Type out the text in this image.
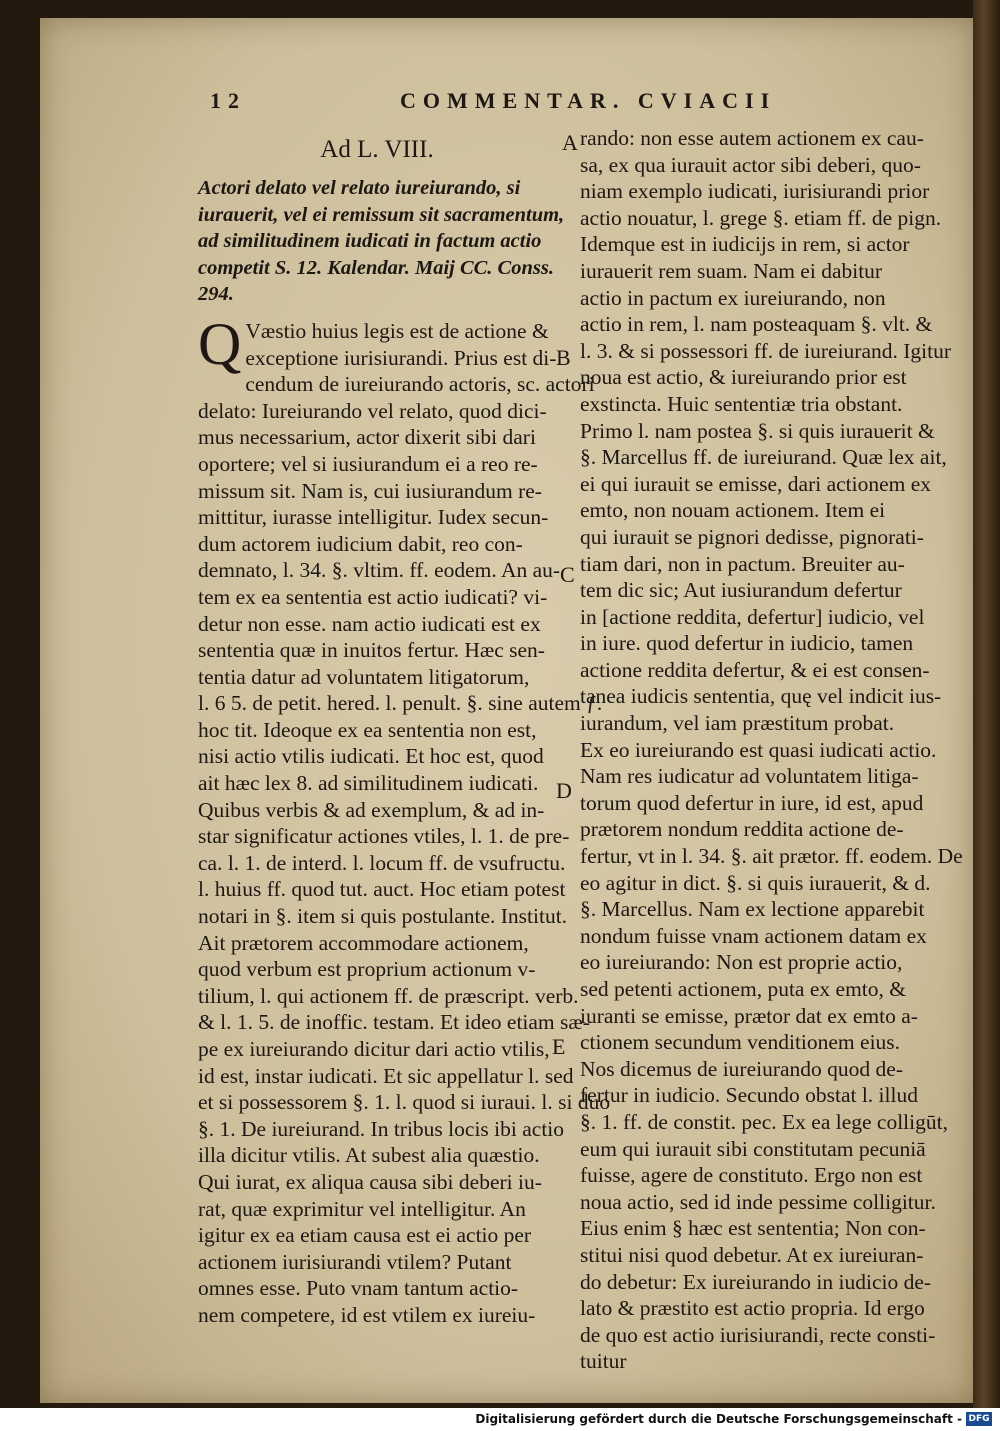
12	COMMENTAR. CVIACII
A
B
C
D
E
Ad L. VIII.
Actori delato vel relato iureiurando, si
iurauerit, vel ei remissum sit sacramentum,
ad similitudinem iudicati in factum actio
competit S. 12. Kalendar. Maij CC. Conss.
294.
Q Væstio huius legis est de actione &
exceptione iurisiurandi. Prius est di-
cendum de iureiurando actoris, sc. actori
delato: Iureiurando vel relato, quod dici-
mus necessarium, actor dixerit sibi dari
oportere; vel si iusiurandum ei a reo re-
missum sit. Nam is, cui iusiurandum re-
mittitur, iurasse intelligitur. Iudex secun-
dum actorem iudicium dabit, reo con-
demnato, l. 34. §. vltim. ff. eodem. An au-
tem ex ea sententia est actio iudicati? vi-
detur non esse. nam actio iudicati est ex
sententia quæ in inuitos fertur. Hæc sen-
tentia datur ad voluntatem litigatorum,
l. 6 5. de petit. hered. l. penult. §. sine autem ƒ.
hoc tit. Ideoque ex ea sententia non est,
nisi actio vtilis iudicati. Et hoc est, quod
ait hæc lex 8. ad similitudinem iudicati.
Quibus verbis & ad exemplum, & ad in-
star significatur actiones vtiles, l. 1. de pre-
ca. l. 1. de interd. l. locum ff. de vsufructu.
l. huius ff. quod tut. auct. Hoc etiam potest
notari in §. item si quis postulante. Institut.
Ait prætorem accommodare actionem,
quod verbum est proprium actionum v-
tilium, l. qui actionem ff. de præscript. verb.
& l. 1. 5. de inoffic. testam. Et ideo etiam sæ-
pe ex iureiurando dicitur dari actio vtilis,
id est, instar iudicati. Et sic appellatur l. sed
et si possessorem §. 1. l. quod si iuraui. l. si duo
§. 1. De iureiurand. In tribus locis ibi actio
illa dicitur vtilis. At subest alia quæstio.
Qui iurat, ex aliqua causa sibi deberi iu-
rat, quæ exprimitur vel intelligitur. An
igitur ex ea etiam causa est ei actio per
actionem iurisiurandi vtilem? Putant
omnes esse. Puto vnam tantum actio-
nem competere, id est vtilem ex iureiu-
rando: non esse autem actionem ex cau-
sa, ex qua iurauit actor sibi deberi, quo-
niam exemplo iudicati, iurisiurandi prior
actio nouatur, l. grege §. etiam ff. de pign.
Idemque est in iudicijs in rem, si actor
iurauerit rem suam. Nam ei dabitur
actio in pactum ex iureiurando, non
actio in rem, l. nam posteaquam §. vlt. &
l. 3. & si possessori ff. de iureiurand. Igitur
noua est actio, & iureiurando prior est
exstincta. Huic sententiæ tria obstant.
Primo l. nam postea §. si quis iurauerit &
§. Marcellus ff. de iureiurand. Quæ lex ait,
ei qui iurauit se emisse, dari actionem ex
emto, non nouam actionem. Item ei
qui iurauit se pignori dedisse, pignorati-
tiam dari, non in pactum. Breuiter au-
tem dic sic; Aut iusiurandum defertur
in [actione reddita, defertur] iudicio, vel
in iure. quod defertur in iudicio, tamen
actione reddita defertur, & ei est consen-
tanea iudicis sententia, quę vel indicit ius-
iurandum, vel iam præstitum probat.
Ex eo iureiurando est quasi iudicati actio.
Nam res iudicatur ad voluntatem litiga-
torum quod defertur in iure, id est, apud
prætorem nondum reddita actione de-
fertur, vt in l. 34. §. ait prætor. ff. eodem. De
eo agitur in dict. §. si quis iurauerit, & d.
§. Marcellus. Nam ex lectione apparebit
nondum fuisse vnam actionem datam ex
eo iureiurando: Non est proprie actio,
sed petenti actionem, puta ex emto, &
iuranti se emisse, prætor dat ex emto a-
ctionem secundum venditionem eius.
Nos dicemus de iureiurando quod de-
fertur in iudicio. Secundo obstat l. illud
§. 1. ff. de constit. pec. Ex ea lege colligūt,
eum qui iurauit sibi constitutam pecuniā
fuisse, agere de constituto. Ergo non est
noua actio, sed id inde pessime colligitur.
Eius enim § hæc est sententia; Non con-
stitui nisi quod debetur. At ex iureiuran-
do debetur: Ex iureiurando in iudicio de-
lato & præstito est actio propria. Id ergo
de quo est actio iurisiurandi, recte consti-
tuitur
Digitalisierung gefördert durch die Deutsche Forschungsgemeinschaft - DFG
